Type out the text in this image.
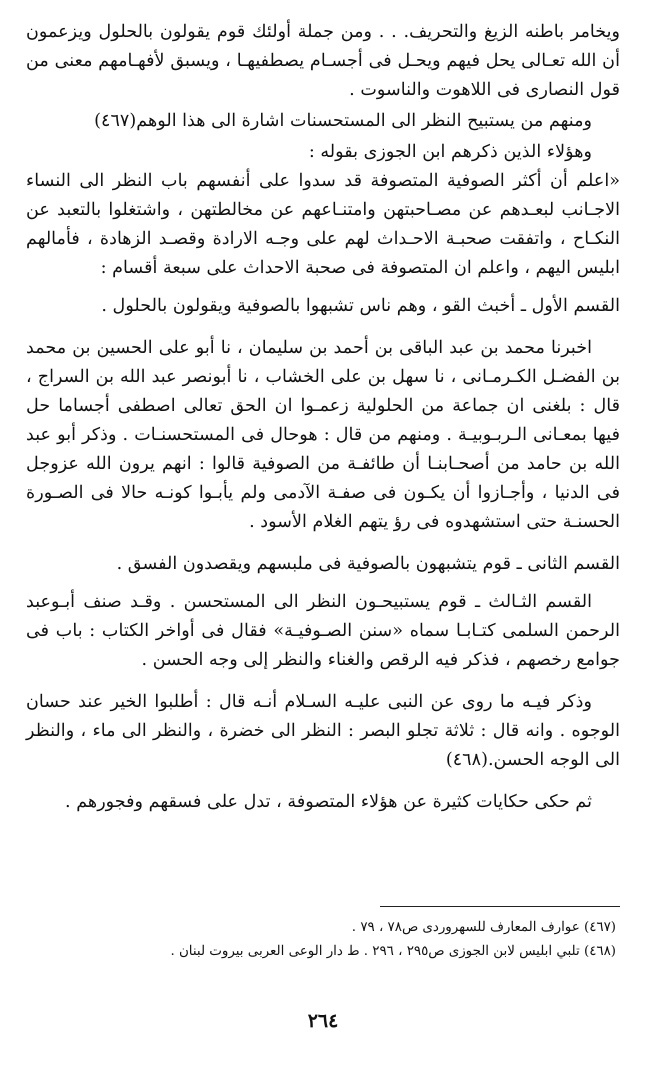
ويخامر باطنه الزيغ والتحريف. . . ومن جملة أولئك قوم يقولون بالحلول ويزعمون أن الله تعـالى يحل فيهم ويحـل فى أجسـام يصطفيهـا ، ويسبق لأفهـامهم معنى من قول النصارى فى اللاهوت والناسوت .

ومنهم من يستبيح النظر الى المستحسنات اشارة الى هذا الوهم(٤٦٧)

وهؤلاء الذين ذكرهم ابن الجوزى بقوله :

«اعلم أن أكثر الصوفية المتصوفة قد سدوا على أنفسهم باب النظر الى النساء الاجـانب لبعـدهم عن مصـاحبتهن وامتنـاعهم عن مخالطتهن ، واشتغلوا بالتعبد عن النكـاح ، واتفقت صحبـة الاحـداث لهم على وجـه الارادة وقصـد الزهادة ، فأمالهم ابليس اليهم ، واعلم ان المتصوفة فى صحبة الاحداث على سبعة أقسام :

القسم الأول ـ أخبث القو ، وهم ناس تشبهوا بالصوفية ويقولون بالحلول .

اخبرنا محمد بن عبد الباقى بن أحمد بن سليمان ، نا أبو على الحسين بن محمد بن الفضـل الكـرمـانى ، نا سهل بن على الخشاب ، نا أبونصر عبد الله بن السراج ، قال : بلغنى ان جماعة من الحلولية زعمـوا ان الحق تعالى اصطفى أجساما حل فيها بمعـانى الـربـوبيـة . ومنهم من قال : هوحال فى المستحسنـات . وذكر أبو عبد الله بن حامد من أصحـابنـا أن طائفـة من الصوفية قالوا : انهم يرون الله عزوجل فى الدنيا ، وأجـازوا أن يكـون فى صفـة الآدمى ولم يأبـوا كونـه حالا فى الصـورة الحسنـة حتى استشهدوه فى رؤ يتهم الغلام الأسود .

القسم الثانى ـ قوم يتشبهون بالصوفية فى ملبسهم ويقصدون الفسق .

القسم الثـالث ـ قوم يستبيحـون النظر الى المستحسن . وقـد صنف أبـوعبد الرحمن السلمى كتـابـا سماه «سنن الصـوفيـة» فقال فى أواخر الكتاب : باب فى جوامع رخصهم ، فذكر فيه الرقص والغناء والنظر إلى وجه الحسن .

وذكر فيـه ما روى عن النبى عليـه السـلام أنـه قال : أطلبوا الخير عند حسان الوجوه . وانه قال : ثلاثة تجلو البصر : النظر الى خضرة ، والنظر الى ماء ، والنظر الى الوجه الحسن.(٤٦٨)

ثم حكى حكايات كثيرة عن هؤلاء المتصوفة ، تدل على فسقهم وفجورهم .

(٤٦٧) عوارف المعارف للسهروردى ص٧٨ ، ٧٩ .

(٤٦٨) تلبي ابليس لابن الجوزى ص٢٩٥ ، ٢٩٦ . ط دار الوعى العربى بيروت لبنان .

٢٦٤
